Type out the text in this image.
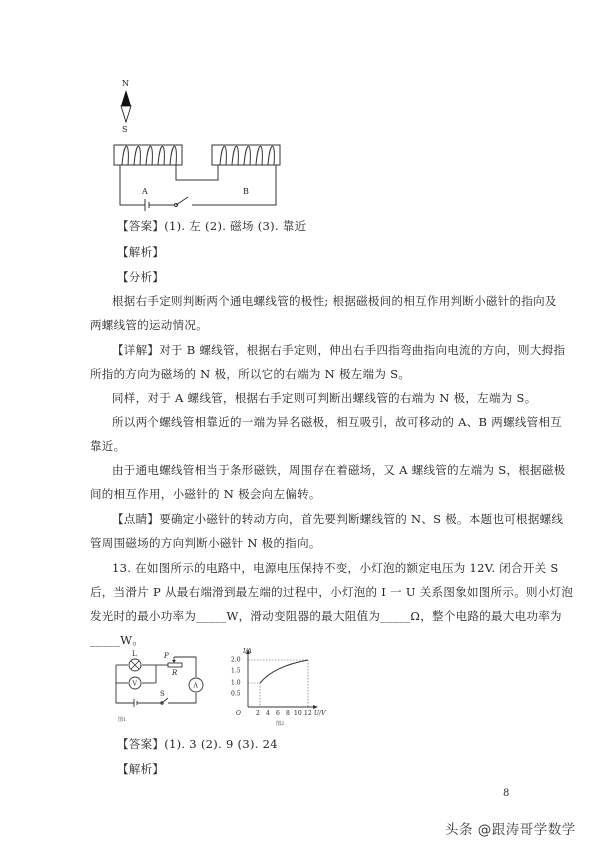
N
S
A	B
【答案】(1). 左 (2). 磁场 (3). 靠近
【解析】
【分析】
根据右手定则判断两个通电螺线管的极性; 根据磁极间的相互作用判断小磁针的指向及
两螺线管的运动情况。
【详解】对于 B 螺线管，根据右手定则，伸出右手四指弯曲指向电流的方向，则大拇指
所指的方向为磁场的 N 极，所以它的右端为 N 极左端为 S。
同样，对于 A 螺线管，根据右手定则可判断出螺线管的右端为 N 极，左端为 S。
所以两个螺线管相靠近的一端为异名磁极，相互吸引，故可移动的 A、B 两螺线管相互
靠近。
由于通电螺线管相当于条形磁铁，周围存在着磁场，又 A 螺线管的左端为 S，根据磁极
间的相互作用，小磁针的 N 极会向左偏转。
【点睛】要确定小磁针的转动方向，首先要判断螺线管的 N、S 极。本题也可根据螺线
管周围磁场的方向判断小磁针 N 极的指向。
13. 在如图所示的电路中，电源电压保持不变，小灯泡的额定电压为 12V. 闭合开关 S
后，当滑片 P 从最右端滑到最左端的过程中，小灯泡的 I 一 U 关系图象如图所示。则小灯泡
发光时的最小功率为_____W，滑动变阻器的最大阻值为_____Ω，整个电路的最大电功率为
_____W。
L	P
R
V	A
S
图1
I/A
0.5
1.0
1.5
2.0
O	2 4 6 8 10 12 U/V
图2
【答案】(1). 3 (2). 9 (3). 24
【解析】
8
头条 @跟涛哥学数学
